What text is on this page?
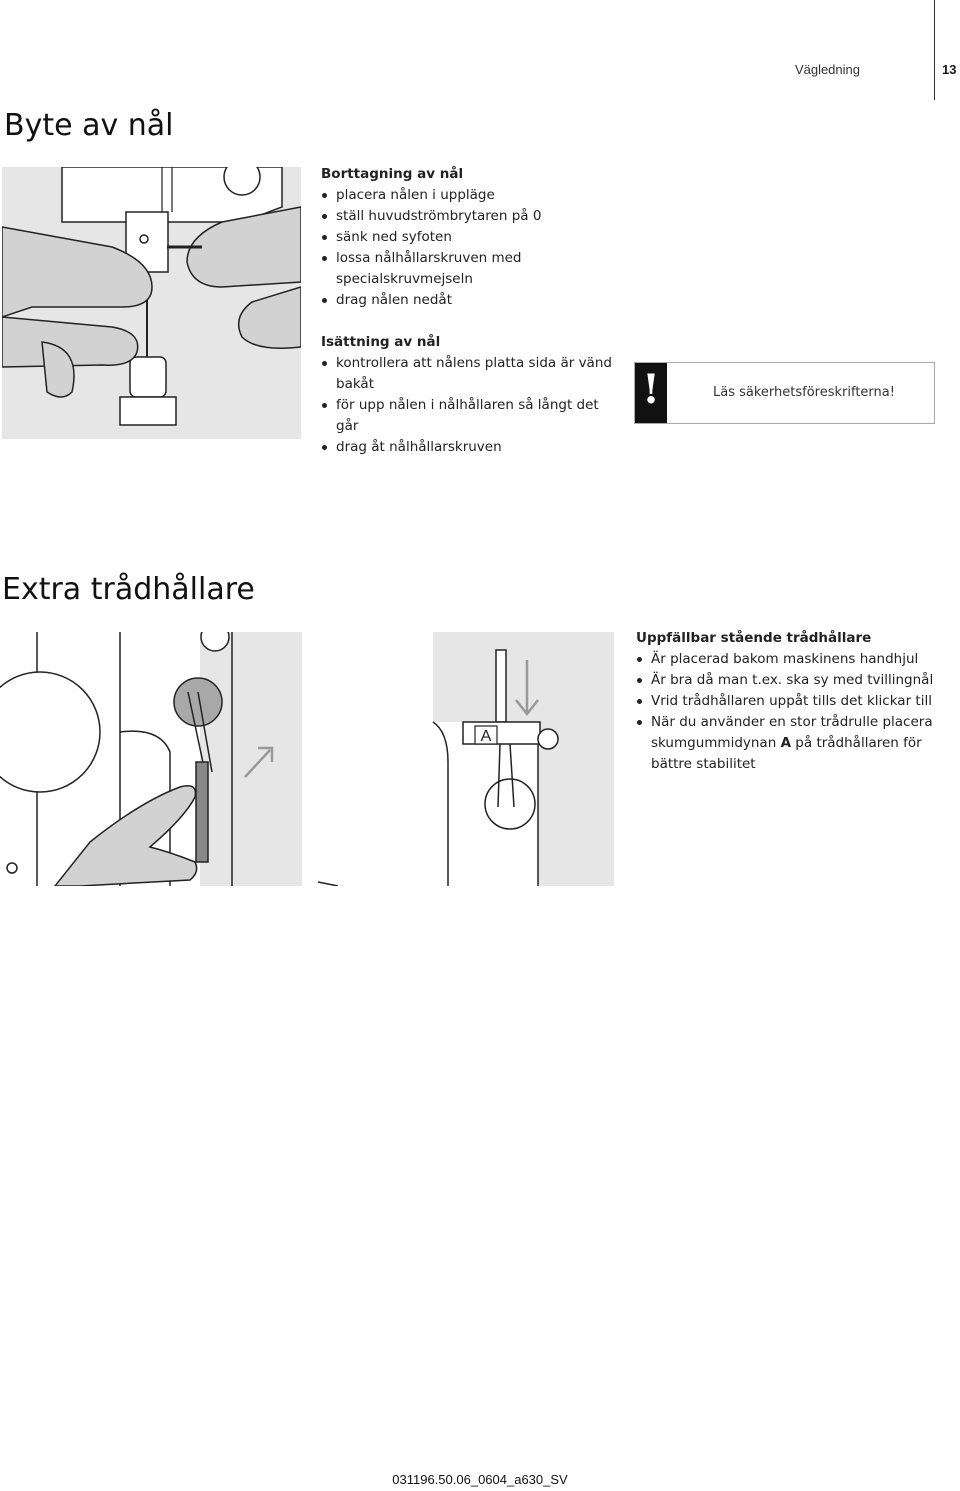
Vägledning	13
Byte av nål
Borttagning av nål
placera nålen i uppläge
ställ huvudströmbrytaren på 0
sänk ned syfoten
lossa nålhållarskruven med specialskruvmejseln
drag nålen nedåt
Isättning av nål
kontrollera att nålens platta sida är vänd bakåt
för upp nålen i nålhållaren så långt det går
drag åt nålhållarskruven
!	Läs säkerhetsföreskrifterna!
Extra trådhållare
A
Uppfällbar stående trådhållare
Är placerad bakom maskinens handhjul
Är bra då man t.ex. ska sy med tvillingnål
Vrid trådhållaren uppåt tills det klickar till
När du använder en stor trådrulle placera skumgummidynan A på trådhållaren för bättre stabilitet
031196.50.06_0604_a630_SV
